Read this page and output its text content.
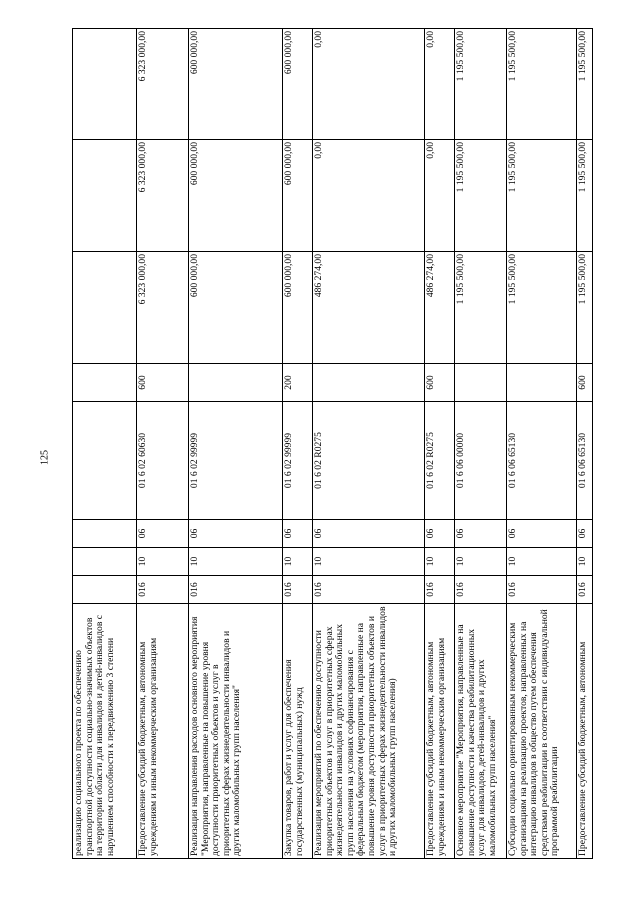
125
реализацию социального проекта по обеспечению транспортной доступности социально-значимых объектов на территории области для инвалидов и детей-инвалидов с нарушением способности к передвижению 3 степени								
Предоставление субсидий бюджетным, автономным учреждениям и иным некоммерческим организациям	016	10	06	01 6 02 60630	600	6 323 000,00	6 323 000,00	6 323 000,00
Реализация направления расходов основного мероприятия "Мероприятия, направленные на повышение уровня доступности приоритетных объектов и услуг в приоритетных сферах жизнедеятельности инвалидов и других маломобильных групп населения"	016	10	06	01 6 02 99999		600 000,00	600 000,00	600 000,00
Закупка товаров, работ и услуг для обеспечения государственных (муниципальных) нужд	016	10	06	01 6 02 99999	200	600 000,00	600 000,00	600 000,00
Реализация мероприятий по обеспечению доступности приоритетных объектов и услуг в приоритетных сферах жизнедеятельности инвалидов и других маломобильных групп населения на условиях софинансирования с федеральным бюджетом (мероприятия, направленные на повышение уровня доступности приоритетных объектов и услуг в приоритетных сферах жизнедеятельности инвалидов и других маломобильных групп населения)	016	10	06	01 6 02 R0275		486 274,00	0,00	0,00
Предоставление субсидий бюджетным, автономным учреждениям и иным некоммерческим организациям	016	10	06	01 6 02 R0275	600	486 274,00	0,00	0,00
Основное мероприятие "Мероприятия, направленные на повышение доступности и качества реабилитационных услуг для инвалидов, детей-инвалидов и других маломобильных групп населения"	016	10	06	01 6 06 00000		1 195 500,00	1 195 500,00	1 195 500,00
Субсидии социально ориентированным некоммерческим организациям на реализацию проектов, направленных на интеграцию инвалидов в общество путем обеспечения средствами реабилитации в соответствии с индивидуальной программой реабилитации	016	10	06	01 6 06 65130		1 195 500,00	1 195 500,00	1 195 500,00
Предоставление субсидий бюджетным, автономным	016	10	06	01 6 06 65130	600	1 195 500,00	1 195 500,00	1 195 500,00
